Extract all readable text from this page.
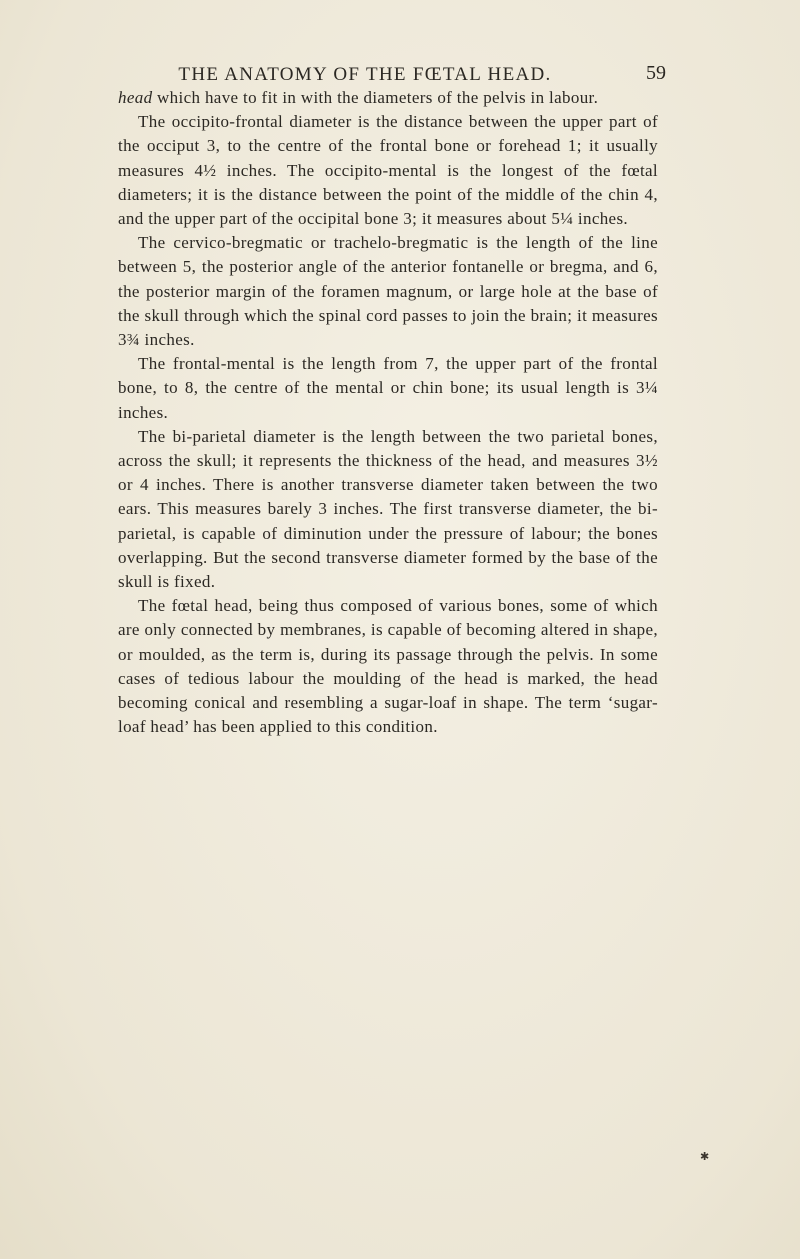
THE ANATOMY OF THE FŒTAL HEAD.	59

head which have to fit in with the diameters of the pelvis in labour.

The occipito-frontal diameter is the distance between the upper part of the occiput 3, to the centre of the frontal bone or forehead 1; it usually measures 4½ inches. The occipito-mental is the longest of the fœtal diameters; it is the distance between the point of the middle of the chin 4, and the upper part of the occipital bone 3; it measures about 5¼ inches.

The cervico-bregmatic or trachelo-bregmatic is the length of the line between 5, the posterior angle of the anterior fontanelle or bregma, and 6, the posterior margin of the foramen magnum, or large hole at the base of the skull through which the spinal cord passes to join the brain; it measures 3¾ inches.

The frontal-mental is the length from 7, the upper part of the frontal bone, to 8, the centre of the mental or chin bone; its usual length is 3¼ inches.

The bi-parietal diameter is the length between the two parietal bones, across the skull; it represents the thickness of the head, and measures 3½ or 4 inches. There is another transverse diameter taken between the two ears. This measures barely 3 inches. The first transverse diameter, the bi-parietal, is capable of diminution under the pressure of labour; the bones overlapping. But the second transverse diameter formed by the base of the skull is fixed.

The fœtal head, being thus composed of various bones, some of which are only connected by membranes, is capable of becoming altered in shape, or moulded, as the term is, during its passage through the pelvis. In some cases of tedious labour the moulding of the head is marked, the head becoming conical and resembling a sugar-loaf in shape. The term ‘sugar-loaf head’ has been applied to this condition.

✱
